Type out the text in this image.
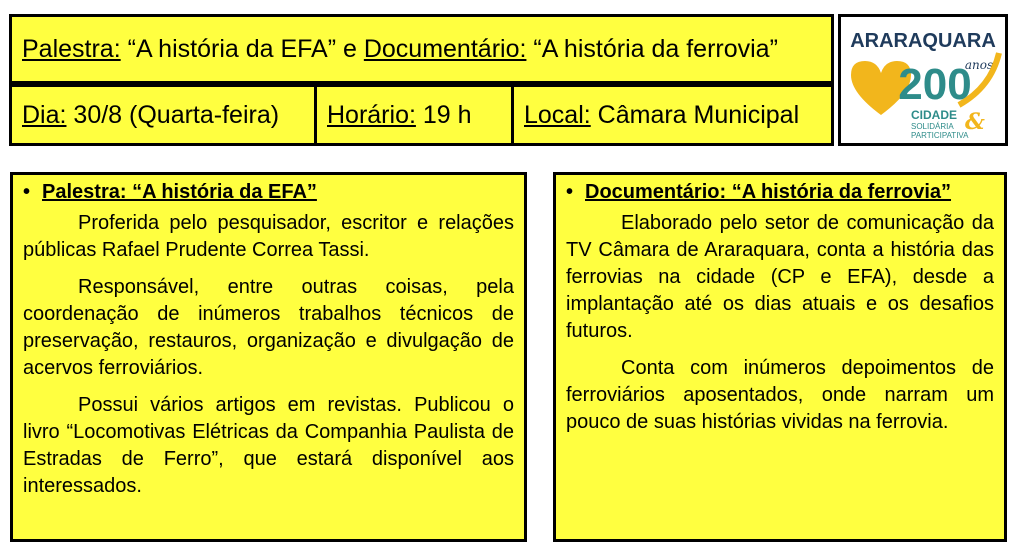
Palestra: “A história da EFA” e Documentário: “A história da ferrovia”
Dia: 30/8 (Quarta-feira) Horário: 19 h Local: Câmara Municipal
ARARAQUARA
200
anos
CIDADE
SOLIDÁRIA
PARTICIPATIVA
&
• Palestra: “A história da EFA”

Proferida pelo pesquisador, escritor e relações públicas Rafael Prudente Correa Tassi.

Responsável, entre outras coisas, pela coordenação de inúmeros trabalhos técnicos de preservação, restauros, organização e divulgação de acervos ferroviários.

Possui vários artigos em revistas. Publicou o livro “Locomotivas Elétricas da Companhia Paulista de Estradas de Ferro”, que estará disponível aos interessados.

• Documentário: “A história da ferrovia”

Elaborado pelo setor de comunicação da TV Câmara de Araraquara, conta a história das ferrovias na cidade (CP e EFA), desde a implantação até os dias atuais e os desafios futuros.

Conta com inúmeros depoimentos de ferroviários aposentados, onde narram um pouco de suas histórias vividas na ferrovia.
